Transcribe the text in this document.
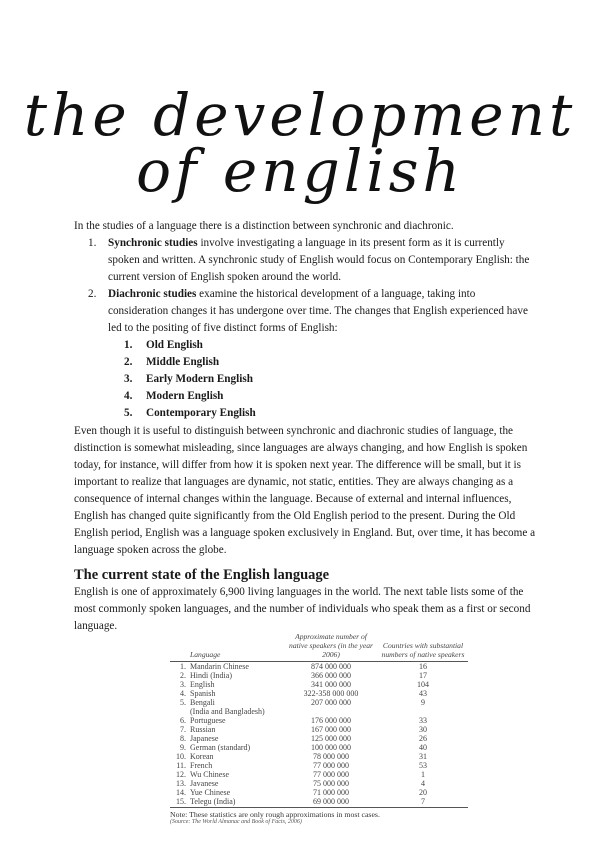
the development
of english
In the studies of a language there is a distinction between synchronic and diachronic.
1. Synchronic studies involve investigating a language in its present form as it is currently spoken and written. A synchronic study of English would focus on Contemporary English: the current version of English spoken around the world.
2. Diachronic studies examine the historical development of a language, taking into consideration changes it has undergone over time. The changes that English experienced have led to the positing of five distinct forms of English:
1. Old English
2. Middle English
3. Early Modern English
4. Modern English
5. Contemporary English
Even though it is useful to distinguish between synchronic and diachronic studies of language, the distinction is somewhat misleading, since languages are always changing, and how English is spoken today, for instance, will differ from how it is spoken next year. The difference will be small, but it is important to realize that languages are dynamic, not static, entities. They are always changing as a consequence of internal changes within the language. Because of external and internal influences, English has changed quite significantly from the Old English period to the present. During the Old English period, English was a language spoken exclusively in England. But, over time, it has become a language spoken across the globe.
The current state of the English language
English is one of approximately 6,900 living languages in the world. The next table lists some of the most commonly spoken languages, and the number of individuals who speak them as a first or second language.
	Language	Approximate number of native speakers (in the year 2006)	Countries with substantial numbers of native speakers
1.	Mandarin Chinese	874 000 000	16
2.	Hindi (India)	366 000 000	17
3.	English	341 000 000	104
4.	Spanish	322-358 000 000	43
5.	Bengali	207 000 000	9
	(India and Bangladesh)		
6.	Portuguese	176 000 000	33
7.	Russian	167 000 000	30
8.	Japanese	125 000 000	26
9.	German (standard)	100 000 000	40
10.	Korean	78 000 000	31
11.	French	77 000 000	53
12.	Wu Chinese	77 000 000	1
13.	Javanese	75 000 000	4
14.	Yue Chinese	71 000 000	20
15.	Telegu (India)	69 000 000	7
Note: These statistics are only rough approximations in most cases.
(Source: The World Almanac and Book of Facts, 2006)
